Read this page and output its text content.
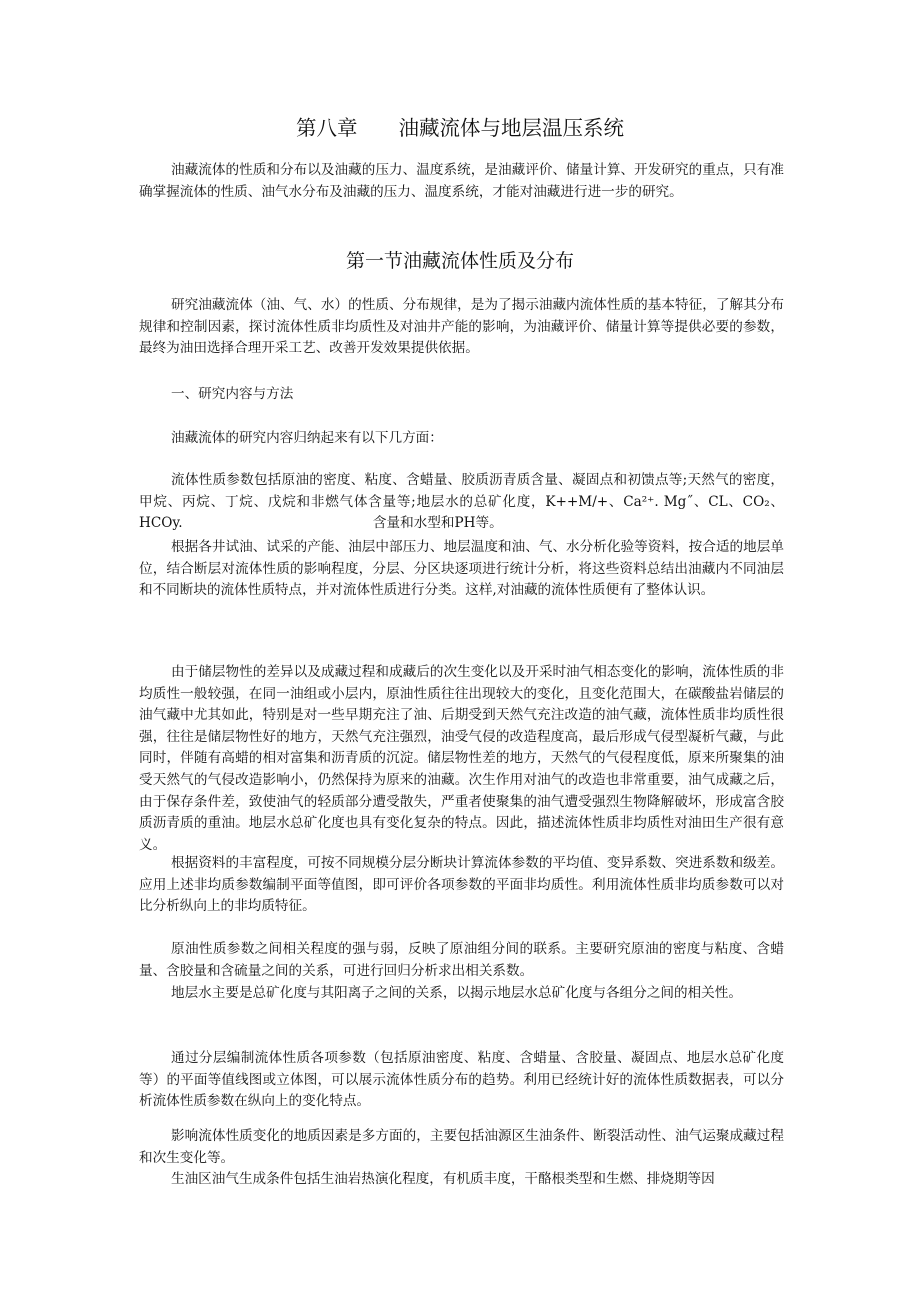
第八章　　油藏流体与地层温压系统

油藏流体的性质和分布以及油藏的压力、温度系统，是油藏评价、储量计算、开发研究的重点，只有准确掌握流体的性质、油气水分布及油藏的压力、温度系统，才能对油藏进行进一步的研究。

第一节油藏流体性质及分布

研究油藏流体（油、气、水）的性质、分布规律，是为了揭示油藏内流体性质的基本特征，了解其分布规律和控制因素，探讨流体性质非均质性及对油井产能的影响，为油藏评价、储量计算等提供必要的参数，最终为油田选择合理开采工艺、改善开发效果提供依据。

一、研究内容与方法
油藏流体的研究内容归纳起来有以下几方面：

流体性质参数包括原油的密度、粘度、含蜡量、胶质沥青质含量、凝固点和初馈点等;天然气的密度，甲烷、丙烷、丁烷、戊烷和非燃气体含量等;地层水的总矿化度，K++M/+、Ca²⁺. Mg˝、CL、CO₂、HCOy.　　　　　　　　　　　　　　含量和水型和PH等。

根据各井试油、试采的产能、油层中部压力、地层温度和油、气、水分析化验等资料，按合适的地层单位，结合断层对流体性质的影响程度，分层、分区块逐项进行统计分析，将这些资料总结出油藏内不同油层和不同断块的流体性质特点，并对流体性质进行分类。这样,对油藏的流体性质便有了整体认识。

由于储层物性的差异以及成藏过程和成藏后的次生变化以及开采时油气相态变化的影响，流体性质的非均质性一般较强，在同一油组或小层内，原油性质往往出现较大的变化，且变化范围大，在碳酸盐岩储层的油气藏中尤其如此，特别是对一些早期充注了油、后期受到天然气充注改造的油气藏，流体性质非均质性很强，往往是储层物性好的地方，天然气充注强烈，油受气侵的改造程度高，最后形成气侵型凝析气藏，与此同时，伴随有高蜡的相对富集和沥青质的沉淀。储层物性差的地方，天然气的气侵程度低，原来所聚集的油受天然气的气侵改造影响小，仍然保持为原来的油藏。次生作用对油气的改造也非常重要，油气成藏之后，由于保存条件差，致使油气的轻质部分遭受散失，严重者使聚集的油气遭受强烈生物降解破坏，形成富含胶质沥青质的重油。地层水总矿化度也具有变化复杂的特点。因此，描述流体性质非均质性对油田生产很有意义。

根据资料的丰富程度，可按不同规模分层分断块计算流体参数的平均值、变异系数、突进系数和级差。应用上述非均质参数编制平面等值图，即可评价各项参数的平面非均质性。利用流体性质非均质参数可以对比分析纵向上的非均质特征。

原油性质参数之间相关程度的强与弱，反映了原油组分间的联系。主要研究原油的密度与粘度、含蜡量、含胶量和含硫量之间的关系，可进行回归分析求出相关系数。

地层水主要是总矿化度与其阳离子之间的关系，以揭示地层水总矿化度与各组分之间的相关性。

通过分层编制流体性质各项参数（包括原油密度、粘度、含蜡量、含胶量、凝固点、地层水总矿化度等）的平面等值线图或立体图，可以展示流体性质分布的趋势。利用已经统计好的流体性质数据表，可以分析流体性质参数在纵向上的变化特点。

影响流体性质变化的地质因素是多方面的，主要包括油源区生油条件、断裂活动性、油气运聚成藏过程和次生变化等。

生油区油气生成条件包括生油岩热演化程度，有机质丰度，干酪根类型和生燃、排烧期等因
